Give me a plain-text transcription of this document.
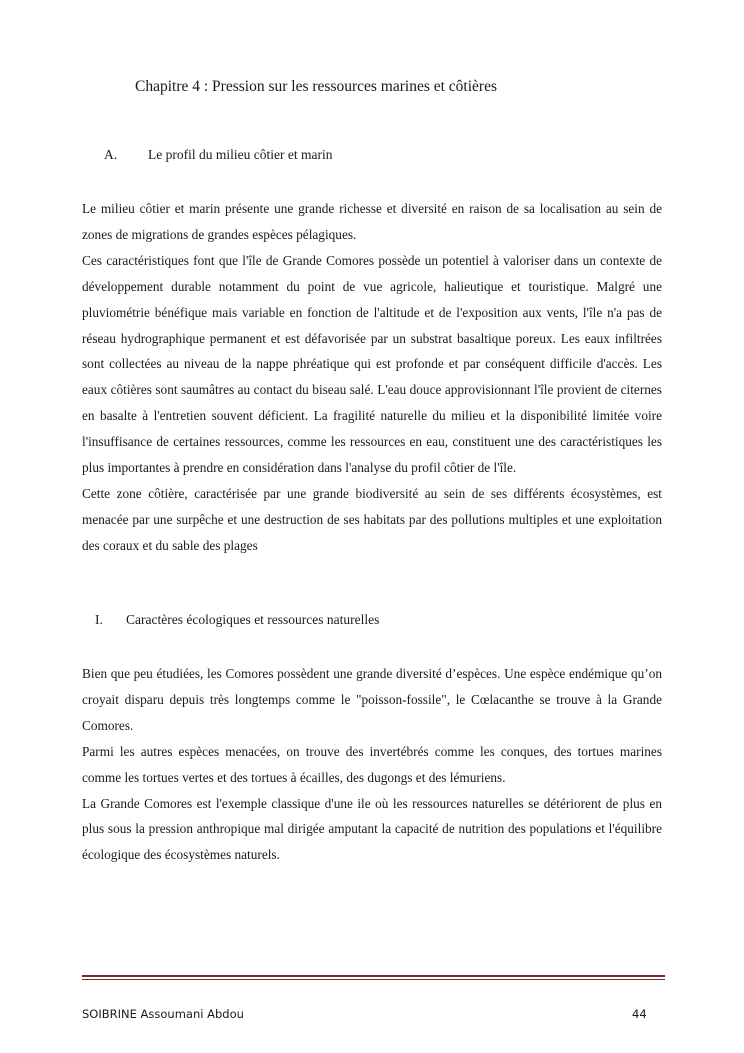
Chapitre 4 : Pression sur les ressources marines et côtières
A. Le profil du milieu côtier et marin

Le milieu côtier et marin présente une grande richesse et diversité en raison de sa localisation au sein de zones de migrations de grandes espèces pélagiques.

Ces caractéristiques font que l'île de Grande Comores possède un potentiel à valoriser dans un contexte de développement durable notamment du point de vue agricole, halieutique et touristique. Malgré une pluviométrie bénéfique mais variable en fonction de l'altitude et de l'exposition aux vents, l'île n'a pas de réseau hydrographique permanent et est défavorisée par un substrat basaltique poreux. Les eaux infiltrées sont collectées au niveau de la nappe phréatique qui est profonde et par conséquent difficile d'accès. Les eaux côtières sont saumâtres au contact du biseau salé. L'eau douce approvisionnant l'île provient de citernes en basalte à l'entretien souvent déficient. La fragilité naturelle du milieu et la disponibilité limitée voire l'insuffisance de certaines ressources, comme les ressources en eau, constituent une des caractéristiques les plus importantes à prendre en considération dans l'analyse du profil côtier de l'île.

Cette zone côtière, caractérisée par une grande biodiversité au sein de ses différents écosystèmes, est menacée par une surpêche et une destruction de ses habitats par des pollutions multiples et une exploitation des coraux et du sable des plages

I. Caractères écologiques et ressources naturelles

Bien que peu étudiées, les Comores possèdent une grande diversité d’espèces. Une espèce endémique qu’on croyait disparu depuis très longtemps comme le "poisson-fossile", le Cœlacanthe se trouve à la Grande Comores.

Parmi les autres espèces menacées, on trouve des invertébrés comme les conques, des tortues marines comme les tortues vertes et des tortues à écailles, des dugongs et des lémuriens.

La Grande Comores est l'exemple classique d'une ile où les ressources naturelles se détériorent de plus en plus sous la pression anthropique mal dirigée amputant la capacité de nutrition des populations et l'équilibre écologique des écosystèmes naturels.

SOIBRINE Assoumani Abdou	44
